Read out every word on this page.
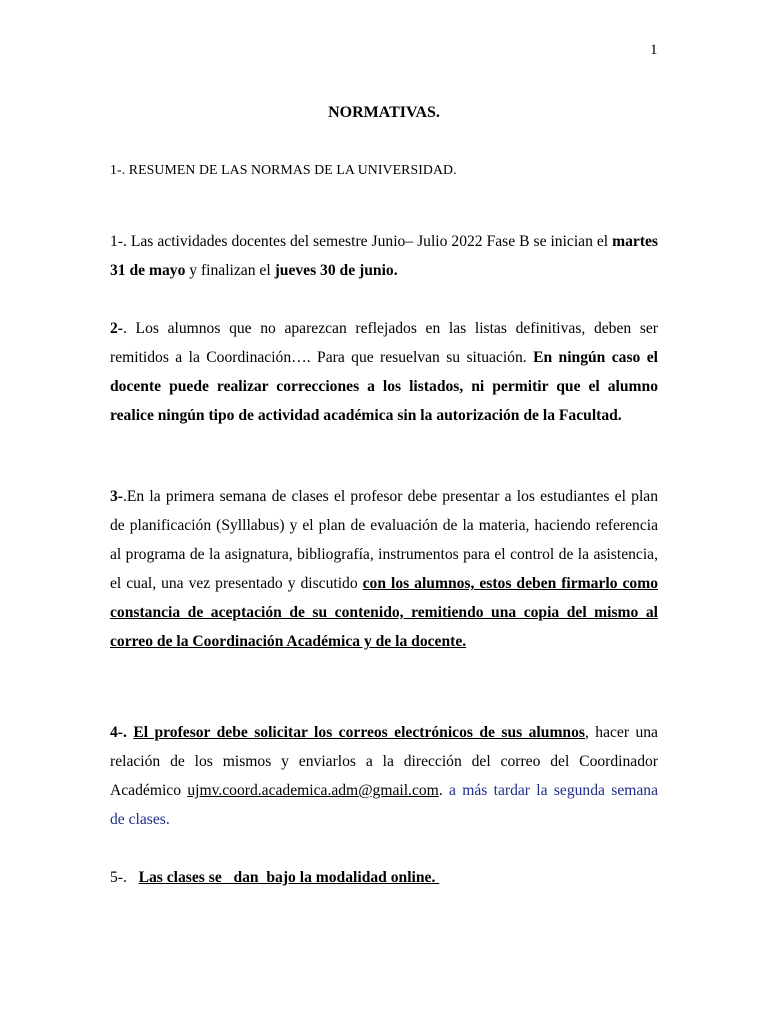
1
NORMATIVAS.
1-. RESUMEN DE LAS NORMAS DE LA UNIVERSIDAD.

1-. Las actividades docentes del semestre Junio– Julio 2022 Fase B se inician el martes 31 de mayo y finalizan el jueves 30 de junio.

2-. Los alumnos que no aparezcan reflejados en las listas definitivas, deben ser remitidos a la Coordinación…. Para que resuelvan su situación. En ningún caso el docente puede realizar correcciones a los listados, ni permitir que el alumno realice ningún tipo de actividad académica sin la autorización de la Facultad.

3-.En la primera semana de clases el profesor debe presentar a los estudiantes el plan de planificación (Sylllabus) y el plan de evaluación de la materia, haciendo referencia al programa de la asignatura, bibliografía, instrumentos para el control de la asistencia, el cual, una vez presentado y discutido con los alumnos, estos deben firmarlo como constancia de aceptación de su contenido, remitiendo una copia del mismo al correo de la Coordinación Académica y de la docente.

4-. El profesor debe solicitar los correos electrónicos de sus alumnos, hacer una relación de los mismos y enviarlos a la dirección del correo del Coordinador Académico ujmv.coord.academica.adm@gmail.com. a más tardar la segunda semana de clases.

5-.   Las clases se   dan  bajo la modalidad online.
